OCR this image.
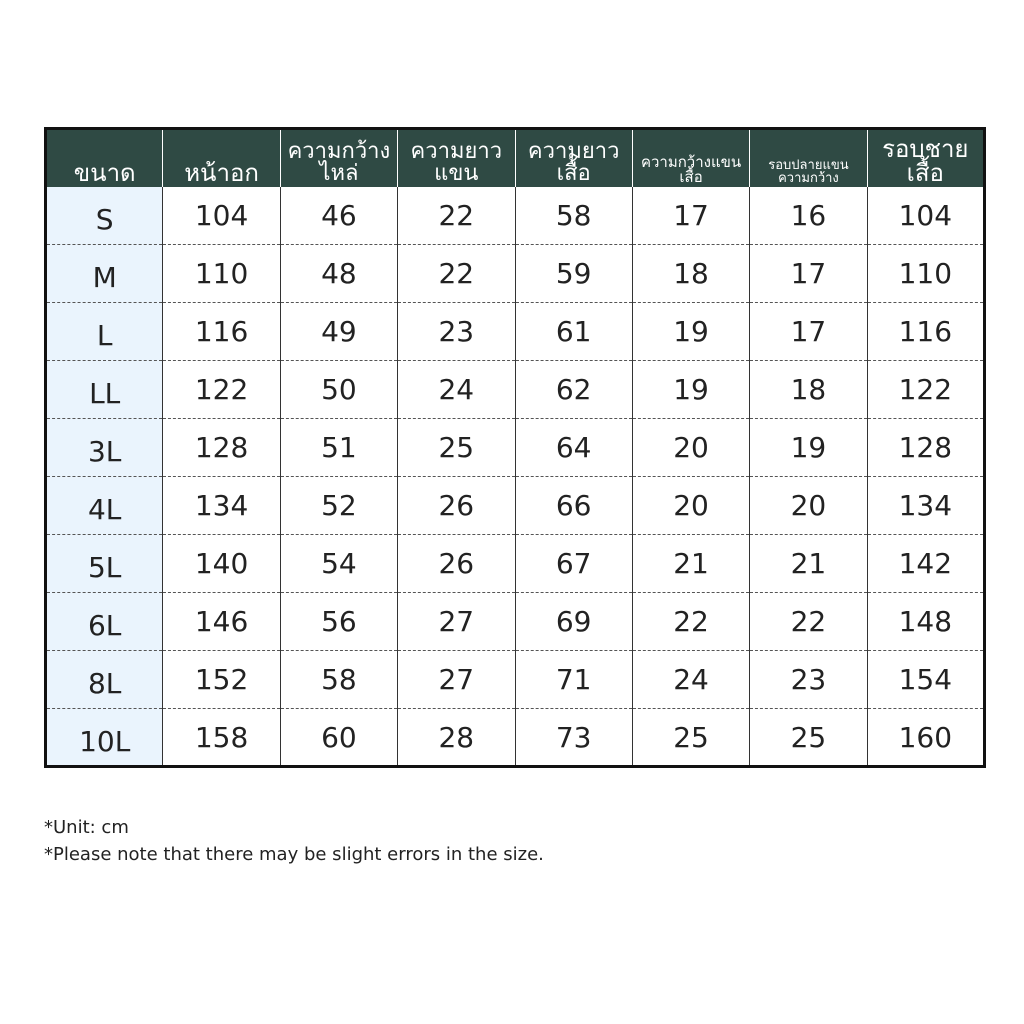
ขนาด	หน้าอก	ความกว้างไหล่	ความยาวแขน	ความยาวเสื้อ	ความกว้างแขนเสื้อ	รอบปลายแขนความกว้าง	รอบชายเสื้อ

S	104	46	22	58	17	16	104
M	110	48	22	59	18	17	110
L	116	49	23	61	19	17	116
LL	122	50	24	62	19	18	122
3L	128	51	25	64	20	19	128
4L	134	52	26	66	20	20	134
5L	140	54	26	67	21	21	142
6L	146	56	27	69	22	22	148
8L	152	58	27	71	24	23	154
10L	158	60	28	73	25	25	160
*Unit: cm
*Please note that there may be slight errors in the size.
